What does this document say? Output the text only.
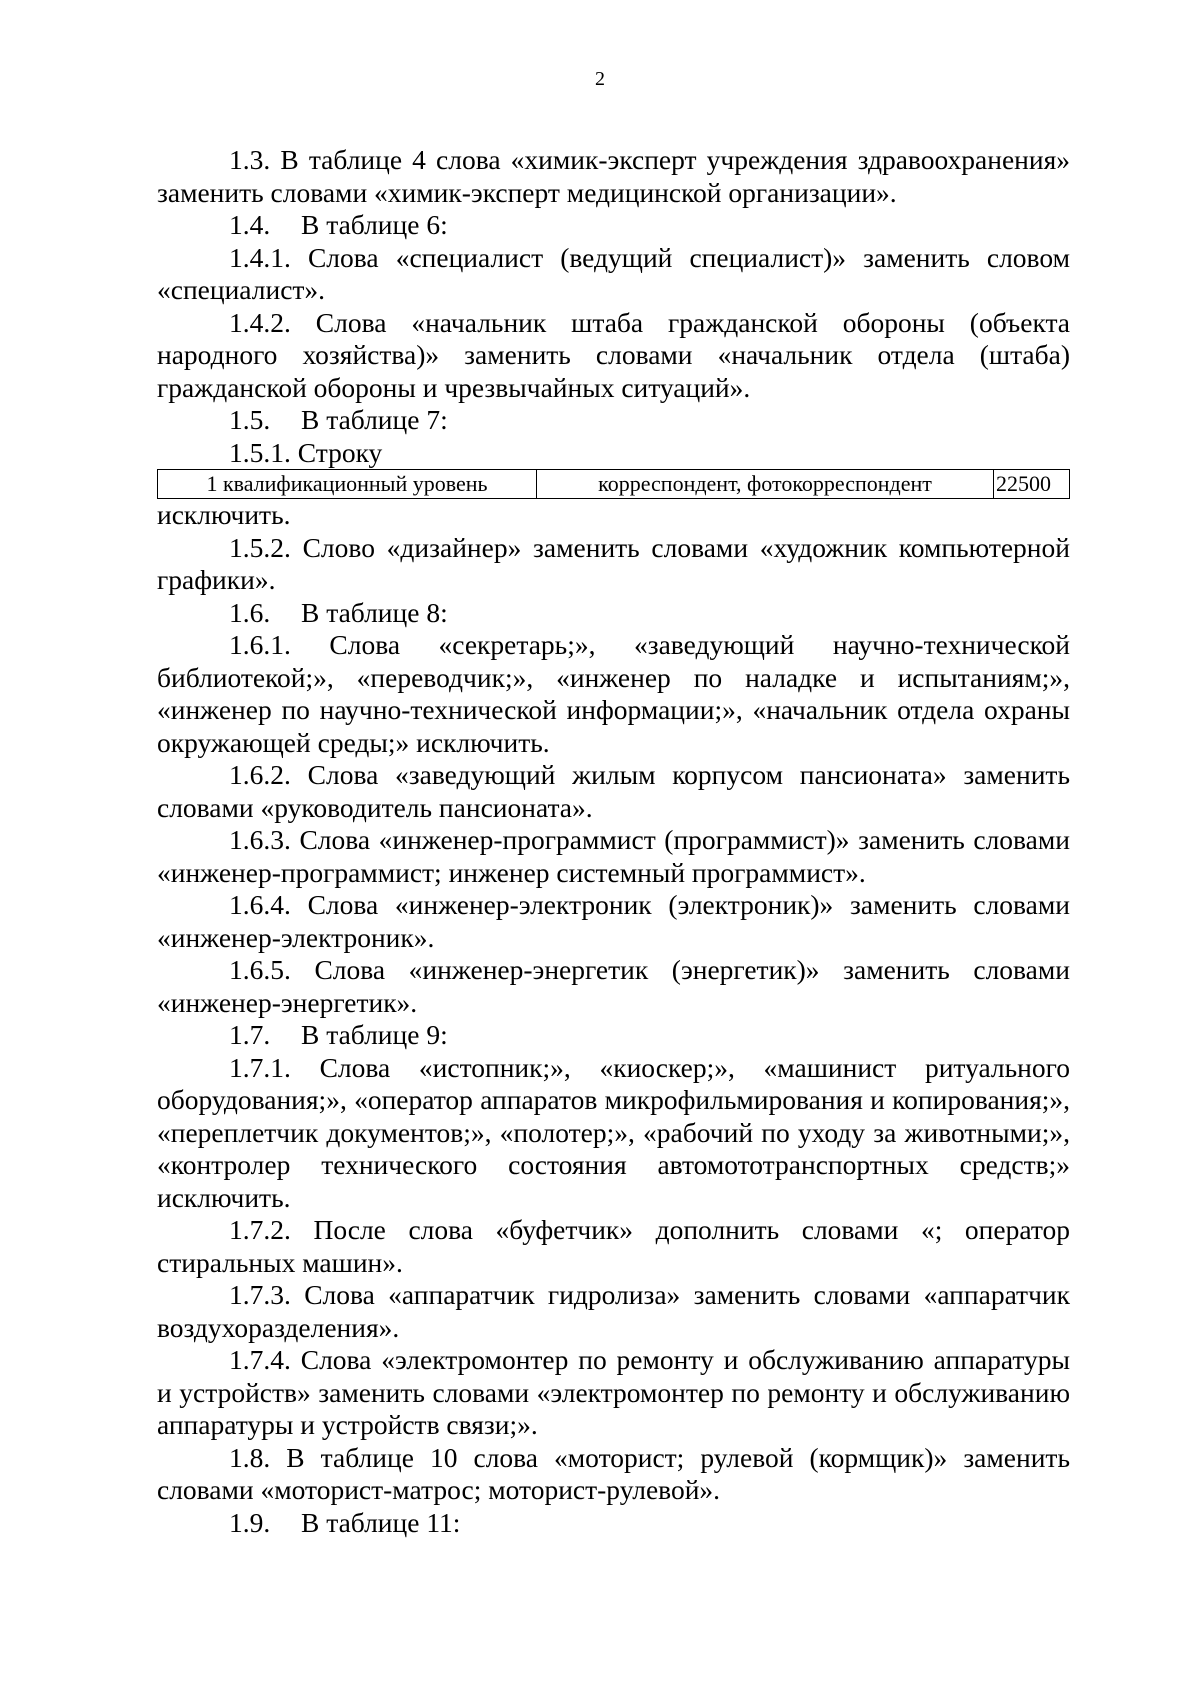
2

1.3. В таблице 4 слова «химик-эксперт учреждения здравоохранения» заменить словами «химик-эксперт медицинской организации».

1.4. В таблице 6:

1.4.1. Слова «специалист (ведущий специалист)» заменить словом «специалист».

1.4.2. Слова «начальник штаба гражданской обороны (объекта народного хозяйства)» заменить словами «начальник отдела (штаба) гражданской обороны и чрезвычайных ситуаций».

1.5. В таблице 7:

1.5.1. Строку

1 квалификационный уровень	корреспондент, фотокорреспондент	22500

исключить.

1.5.2. Слово «дизайнер» заменить словами «художник компьютерной графики».

1.6. В таблице 8:

1.6.1. Слова «секретарь;», «заведующий научно-технической библиотекой;», «переводчик;», «инженер по наладке и испытаниям;», «инженер по научно-технической информации;», «начальник отдела охраны окружающей среды;» исключить.

1.6.2. Слова «заведующий жилым корпусом пансионата» заменить словами «руководитель пансионата».

1.6.3. Слова «инженер-программист (программист)» заменить словами «инженер-программист; инженер системный программист».

1.6.4. Слова «инженер-электроник (электроник)» заменить словами «инженер-электроник».

1.6.5. Слова «инженер-энергетик (энергетик)» заменить словами «инженер-энергетик».

1.7. В таблице 9:

1.7.1. Слова «истопник;», «киоскер;», «машинист ритуального оборудования;», «оператор аппаратов микрофильмирования и копирования;», «переплетчик документов;», «полотер;», «рабочий по уходу за животными;», «контролер технического состояния автомототранспортных средств;» исключить.

1.7.2. После слова «буфетчик» дополнить словами «; оператор стиральных машин».

1.7.3. Слова «аппаратчик гидролиза» заменить словами «аппаратчик воздухоразделения».

1.7.4. Слова «электромонтер по ремонту и обслуживанию аппаратуры и устройств» заменить словами «электромонтер по ремонту и обслуживанию аппаратуры и устройств связи;».

1.8. В таблице 10 слова «моторист; рулевой (кормщик)» заменить словами «моторист-матрос; моторист-рулевой».

1.9. В таблице 11:
